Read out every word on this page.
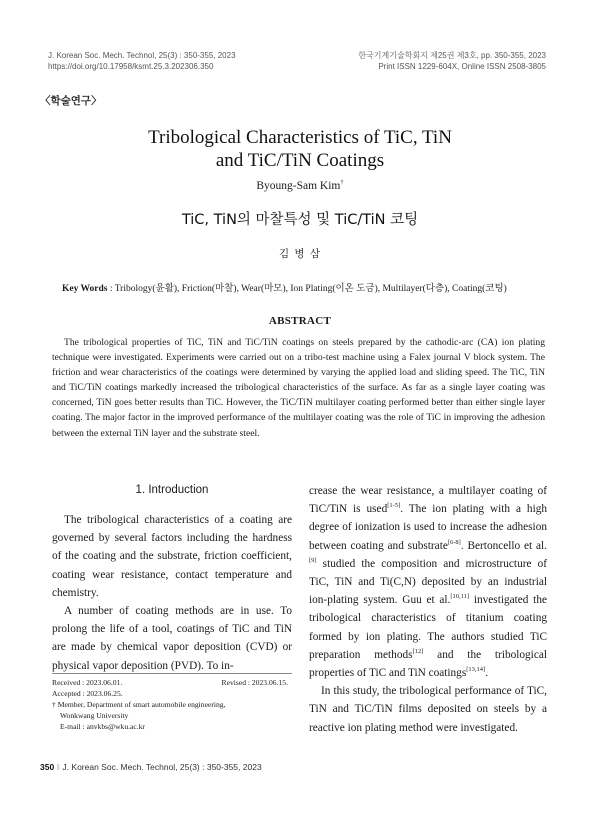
J. Korean Soc. Mech. Technol, 25(3) : 350-355, 2023
https://doi.org/10.17958/ksmt.25.3.202306.350
한국기계기술학회지 제25권 제3호, pp. 350-355, 2023
Print ISSN 1229-604X, Online ISSN 2508-3805
〈학술연구〉
Tribological Characteristics of TiC, TiN
and TiC/TiN Coatings
Byoung-Sam Kim†
TiC, TiN의 마찰특성 및 TiC/TiN 코팅
김 병 삼
Key Words : Tribology(윤활), Friction(마찰), Wear(마모), Ion Plating(이온 도금), Multilayer(다층), Coating(코팅)
ABSTRACT
The tribological properties of TiC, TiN and TiC/TiN coatings on steels prepared by the cathodic-arc (CA) ion plating technique were investigated. Experiments were carried out on a tribo-test machine using a Falex journal V block system. The friction and wear characteristics of the coatings were determined by varying the applied load and sliding speed. The TiC, TiN and TiC/TiN coatings markedly increased the tribological characteristics of the surface. As far as a single layer coating was concerned, TiN goes better results than TiC. However, the TiC/TiN multilayer coating performed better than either single layer coating. The major factor in the improved performance of the multilayer coating was the role of TiC in improving the adhesion between the external TiN layer and the substrate steel.
1. Introduction

The tribological characteristics of a coating are governed by several factors including the hardness of the coating and the substrate, friction coefficient, coating wear resistance, contact temperature and chemistry.

A number of coating methods are in use. To prolong the life of a tool, coatings of TiC and TiN are made by chemical vapor deposition (CVD) or physical vapor deposition (PVD). To in-

Received : 2023.06.01.	Revised : 2023.06.15.
Accepted : 2023.06.25.
† Member, Department of smart automobile engineering,
Wonkwang University
E-mail : anvkbs@wku.ac.kr

crease the wear resistance, a multilayer coating of TiC/TiN is used[1-5]. The ion plating with a high degree of ionization is used to increase the adhesion between coating and substrate[6-8]. Bertoncello et al.[9] studied the composition and microstructure of TiC, TiN and Ti(C,N) deposited by an industrial ion-plating system. Guu et al.[10,11] investigated the tribological characteristics of titanium coating formed by ion plating. The authors studied TiC preparation methods[12] and the tribological properties of TiC and TiN coatings[13,14].

In this study, the tribological performance of TiC, TiN and TiC/TiN films deposited on steels by a reactive ion plating method were investigated.

350 ‖ J. Korean Soc. Mech. Technol, 25(3) : 350-355, 2023
